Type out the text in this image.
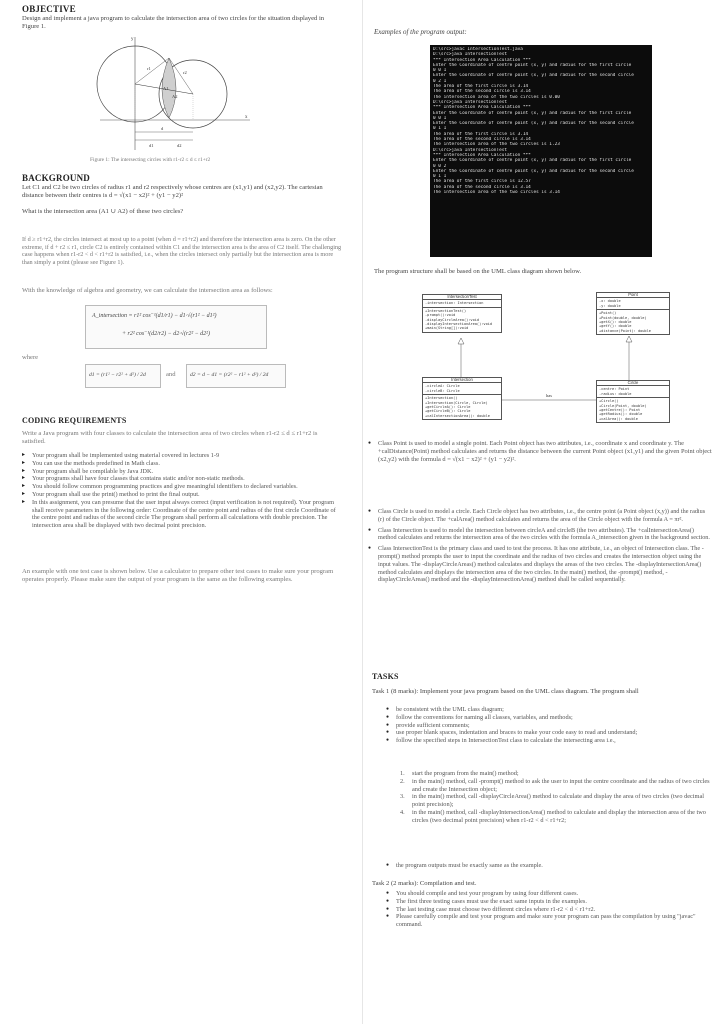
OBJECTIVE
Design and implement a java program to calculate the intersection area of two circles for the situation displayed in Figure 1.
y
x
r1
r2
A1
A2
d
d1	d2
Figure 1: The intersecting circles with r1-r2 ≤ d ≤ r1+r2
BACKGROUND
Let C1 and C2 be two circles of radius r1 and r2 respectively whose centres are (x1,y1) and (x2,y2). The cartesian distance between their centres is d = √(x1 − x2)² + (y1 − y2)²
What is the intersection area (A1 ∪ A2) of these two circles?
If d ≥ r1+r2, the circles intersect at most up to a point (when d = r1+r2) and therefore the intersection area is zero. On the other extreme, if d + r2 ≤ r1, circle C2 is entirely contained within C1 and the intersection area is the area of C2 itself. The challenging case happens when r1-r2 < d < r1+r2 is satisfied, i.e., when the circles intersect only partially but the intersection area is more than simply a point (please see Figure 1).
With the knowledge of algebra and geometry, we can calculate the intersection area as follows:
A_intersection = r1² cos⁻¹(d1/r1) − d1·√(r1² − d1²)
+ r2² cos⁻¹(d2/r2) − d2·√(r2² − d2²)
where
d1 = (r1² − r2² + d²) / 2d	and	d2 = d − d1 = (r2² − r1² + d²) / 2d
CODING REQUIREMENTS
Write a Java program with four classes to calculate the intersection area of two circles when r1-r2 ≤ d ≤ r1+r2 is satisfied.
▸ Your program shall be implemented using material covered in lectures 1-9
▸ You can use the methods predefined in Math class.
▸ Your program shall be compilable by Java JDK.
▸ Your programs shall have four classes that contains static and/or non-static methods.
▸ You should follow common programming practices and give meaningful identifiers to declared variables.
▸ Your program shall use the print() method to print the final output.
▸ In this assignment, you can presume that the user input always correct (input verification is not required). Your program shall receive parameters in the following order: Coordinate of the centre point and radius of the first circle Coordinate of the centre point and radius of the second circle The program shall perform all calculations with double precision. The intersection area shall be displayed with two decimal point precision.
An example with one test case is shown below. Use a calculator to prepare other test cases to make sure your program operates properly. Please make sure the output of your program is the same as the following examples.
Examples of the program output:
D:\src>javac IntersectionTest.java
D:\src>java IntersectionTest
*** Intersection Area Calculation ***
Enter the Coordinate of centre point (x, y) and radius for the first circle
0 0 1
Enter the Coordinate of centre point (x, y) and radius for the second circle
0 2 1
The area of the first circle is 3.14
The area of the second circle is 3.14
The intersection area of the two circles is 0.00
D:\src>java IntersectionTest
*** Intersection Area Calculation ***
Enter the Coordinate of centre point (x, y) and radius for the first circle
0 0 1
Enter the Coordinate of centre point (x, y) and radius for the second circle
0 1 1
The area of the first circle is 3.14
The area of the second circle is 3.14
The intersection area of the two circles is 1.23
D:\src>java IntersectionTest
*** Intersection Area Calculation ***
Enter the Coordinate of centre point (x, y) and radius for the first circle
0 0 2
Enter the Coordinate of centre point (x, y) and radius for the second circle
0 1 1
The area of the first circle is 12.57
The area of the second circle is 3.14
The intersection area of the two circles is 3.14
The program structure shall be based on the UML class diagram shown below.
has
IntersectionTest
-intersection: Intersection
+IntersectionTest()
-prompt():void
-displayCircleArea():void
-displayIntersectionArea():void
+main(String[]):void
Point
-x: double
-y: double
+Point()
+Point(double, double)
+getX(): double
+getY(): double
+distance(Point): double
Intersection
-circleA: Circle
-circleB: Circle
+Intersection()
+Intersection(Circle, Circle)
+getCircleA(): Circle
+getCircleB(): Circle
+calIntersectionArea(): double
Circle
-centre: Point
-radius: double
+Circle()
+Circle(Point, double)
+getCentre(): Point
+getRadius(): double
+calArea(): double
● Class Point is used to model a single point. Each Point object has two attributes, i.e., coordinate x and coordinate y. The +calDistance(Point) method calculates and returns the distance between the current Point object (x1,y1) and the given Point object (x2,y2) with the formula d = √(x1 − x2)² + (y1 − y2)².
● Class Circle is used to model a circle. Each Circle object has two attributes, i.e., the centre point (a Point object (x,y)) and the radius (r) of the Circle object. The +calArea() method calculates and returns the area of the Circle object with the formula A = πr².
● Class Intersection is used to model the intersection between circleA and circleB (the two attributes). The +calIntersectionArea() method calculates and returns the intersection area of the two circles with the formula A_intersection given in the background section.
● Class IntersectionTest is the primary class and used to test the process. It has one attribute, i.e., an object of Intersection class. The -prompt() method prompts the user to input the coordinate and the radius of two circles and creates the intersection object using the input values. The -displayCircleAreas() method calculates and displays the areas of the two circles. The -displayIntersectionArea() method calculates and displays the intersection area of the two circles. In the main() method, the -prompt() method, -displayCircleAreas() method and the -displayIntersectionArea() method shall be called sequentially.
TASKS
Task 1 (8 marks): Implement your java program based on the UML class diagram. The program shall
● be consistent with the UML class diagram;
● follow the conventions for naming all classes, variables, and methods;
● provide sufficient comments;
● use proper blank spaces, indentation and braces to make your code easy to read and understand;
● follow the specified steps in IntersectionTest class to calculate the intersecting area i.e.,
1. start the program from the main() method;
2. in the main() method, call -prompt() method to ask the user to input the centre coordinate and the radius of two circles and create the Intersection object;
3. in the main() method, call -displayCircleArea() method to calculate and display the area of two circles (two decimal point precision);
4. in the main() method, call -displayIntersectionArea() method to calculate and display the intersection area of the two circles (two decimal point precision) when r1-r2 < d < r1+r2;
● the program outputs must be exactly same as the example.
Task 2 (2 marks): Compilation and test.
● You should compile and test your program by using four different cases.
● The first three testing cases must use the exact same inputs in the examples.
● The last testing case must choose two different circles where r1-r2 < d < r1+r2.
● Please carefully compile and test your program and make sure your program can pass the compilation by using "javac" command.
